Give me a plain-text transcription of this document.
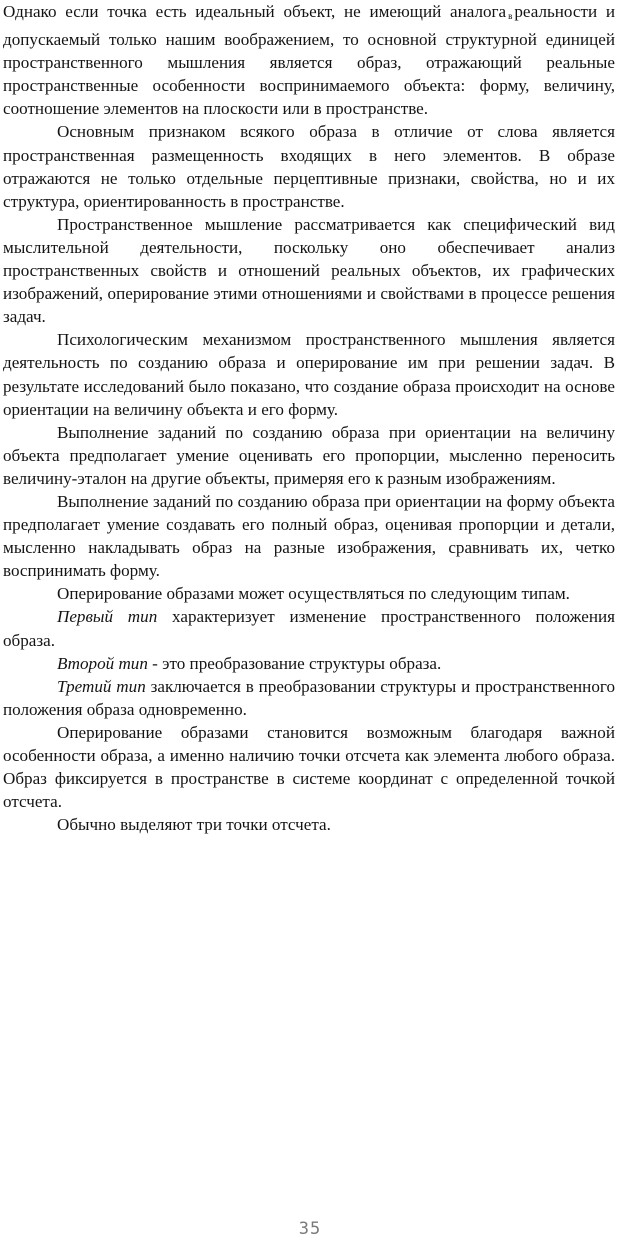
Однако если точка есть идеальный объект, не имеющий аналога в реальности и допускаемый только нашим воображением, то основной структурной единицей пространственного мышления является образ, отражающий реальные пространственные особенности воспринимаемого объекта: форму, величину, соотношение элементов на плоскости или в пространстве.

Основным признаком всякого образа в отличие от слова является пространственная размещенность входящих в него элементов. В образе отражаются не только отдельные перцептивные признаки, свойства, но и их структура, ориентированность в пространстве.

Пространственное мышление рассматривается как специфический вид мыслительной деятельности, поскольку оно обеспечивает анализ пространственных свойств и отношений реальных объектов, их графических изображений, оперирование этими отношениями и свойствами в процессе решения задач.

Психологическим механизмом пространственного мышления является деятельность по созданию образа и оперирование им при решении задач. В результате исследований было показано, что создание образа происходит на основе ориентации на величину объекта и его форму.

Выполнение заданий по созданию образа при ориентации на величину объекта предполагает умение оценивать его пропорции, мысленно переносить величину-эталон на другие объекты, примеряя его к разным изображениям.

Выполнение заданий по созданию образа при ориентации на форму объекта предполагает умение создавать его полный образ, оценивая пропорции и детали, мысленно накладывать образ на разные изображения, сравнивать их, четко воспринимать форму.

Оперирование образами может осуществляться по следующим типам.

Первый тип характеризует изменение пространственного положения образа.

Второй тип - это преобразование структуры образа.

Третий тип заключается в преобразовании структуры и пространственного положения образа одновременно.

Оперирование образами становится возможным благодаря важной особенности образа, а именно наличию точки отсчета как элемента любого образа. Образ фиксируется в пространстве в системе координат с определенной точкой отсчета.

Обычно выделяют три точки отсчета.

35
